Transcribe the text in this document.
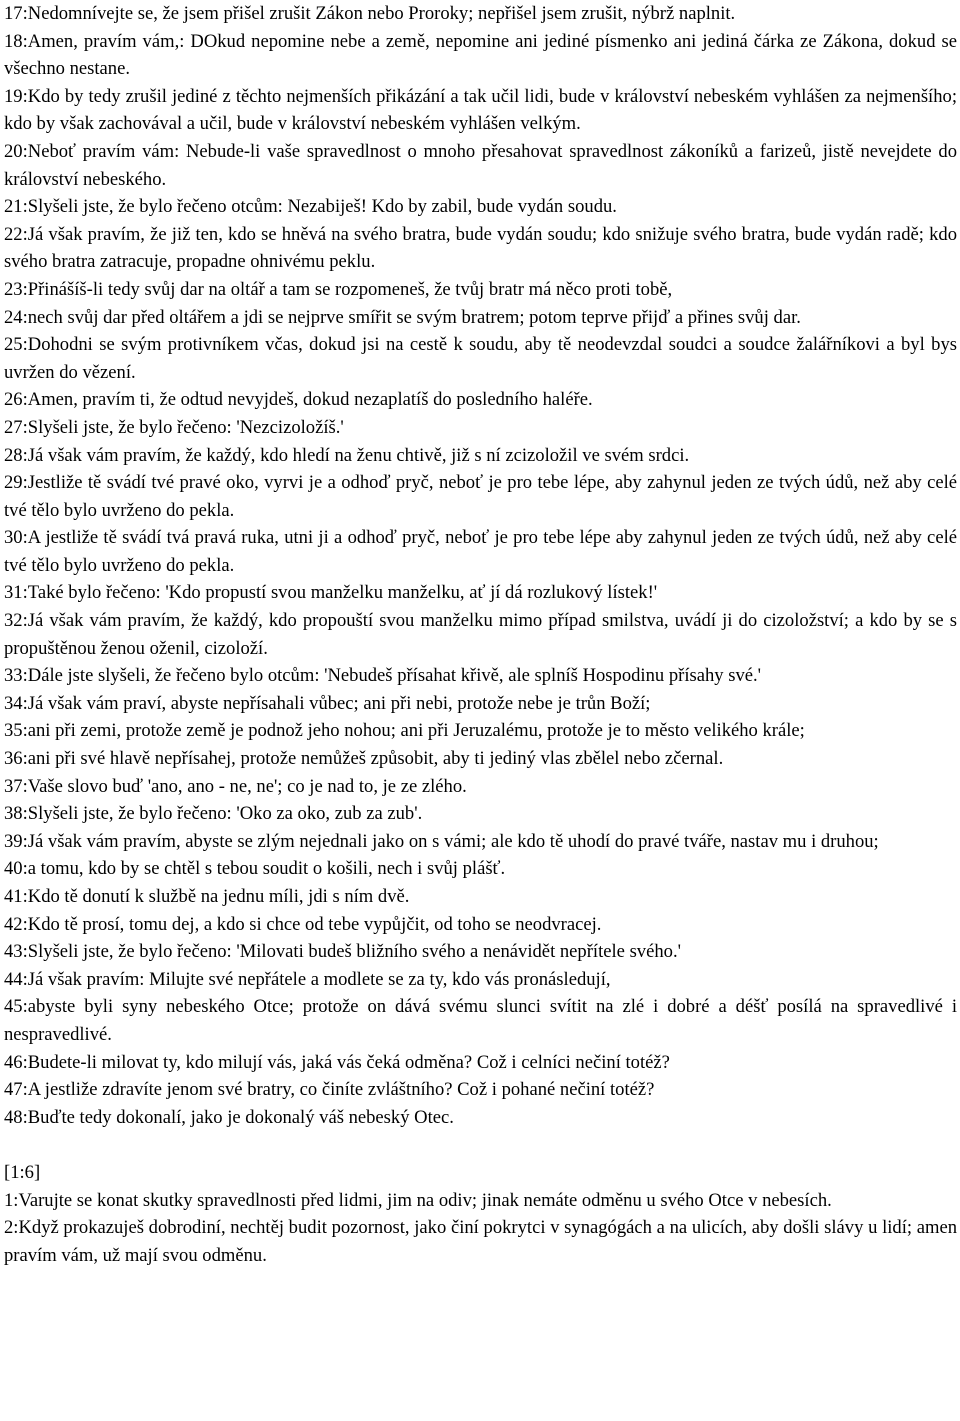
17:Nedomnívejte se, že jsem přišel zrušit Zákon nebo Proroky; nepřišel jsem zrušit, nýbrž naplnit.

18:Amen, pravím vám,: DOkud nepomine nebe a země, nepomine ani jediné písmenko ani jediná čárka ze Zákona, dokud se všechno nestane.

19:Kdo by tedy zrušil jediné z těchto nejmenších přikázání a tak učil lidi, bude v království nebeském vyhlášen za nejmenšího; kdo by však zachovával a učil, bude v království nebeském vyhlášen velkým.

20:Neboť pravím vám: Nebude-li vaše spravedlnost o mnoho přesahovat spravedlnost zákoníků a farizeů, jistě nevejdete do království nebeského.

21:Slyšeli jste, že bylo řečeno otcům: Nezabiješ! Kdo by zabil, bude vydán soudu.

22:Já však pravím, že již ten, kdo se hněvá na svého bratra, bude vydán soudu; kdo snižuje svého bratra, bude vydán radě; kdo svého bratra zatracuje, propadne ohnivému peklu.

23:Přinášíš-li tedy svůj dar na oltář a tam se rozpomeneš, že tvůj bratr má něco proti tobě,

24:nech svůj dar před oltářem a jdi se nejprve smířit se svým bratrem; potom teprve přijď a přines svůj dar.

25:Dohodni se svým protivníkem včas, dokud jsi na cestě k soudu, aby tě neodevzdal soudci a soudce žalářníkovi a byl bys uvržen do vězení.

26:Amen, pravím ti, že odtud nevyjdeš, dokud nezaplatíš do posledního haléře.

27:Slyšeli jste, že bylo řečeno: 'Nezcizoložíš.'

28:Já však vám pravím, že každý, kdo hledí na ženu chtivě, již s ní zcizoložil ve svém srdci.

29:Jestliže tě svádí tvé pravé oko, vyrvi je a odhoď pryč, neboť je pro tebe lépe, aby zahynul jeden ze tvých údů, než aby celé tvé tělo bylo uvrženo do pekla.

30:A jestliže tě svádí tvá pravá ruka, utni ji a odhoď pryč, neboť je pro tebe lépe aby zahynul jeden ze tvých údů, než aby celé tvé tělo bylo uvrženo do pekla.

31:Také bylo řečeno: 'Kdo propustí svou manželku manželku, ať jí dá rozlukový lístek!'

32:Já však vám pravím, že každý, kdo propouští svou manželku mimo případ smilstva, uvádí ji do cizoložství; a kdo by se s propuštěnou ženou oženil, cizoloží.

33:Dále jste slyšeli, že řečeno bylo otcům: 'Nebudeš přísahat křivě, ale splníš Hospodinu přísahy své.'

34:Já však vám praví, abyste nepřísahali vůbec; ani při nebi, protože nebe je trůn Boží;

35:ani při zemi, protože země je podnož jeho nohou; ani při Jeruzalému, protože je to město velikého krále;

36:ani při své hlavě nepřísahej, protože nemůžeš způsobit, aby ti jediný vlas zbělel nebo zčernal.

37:Vaše slovo buď 'ano, ano - ne, ne'; co je nad to, je ze zlého.

38:Slyšeli jste, že bylo řečeno: 'Oko za oko, zub za zub'.

39:Já však vám pravím, abyste se zlým nejednali jako on s vámi; ale kdo tě uhodí do pravé tváře, nastav mu i druhou;

40:a tomu, kdo by se chtěl s tebou soudit o košili, nech i svůj plášť.

41:Kdo tě donutí k službě na jednu míli, jdi s ním dvě.

42:Kdo tě prosí, tomu dej, a kdo si chce od tebe vypůjčit, od toho se neodvracej.

43:Slyšeli jste, že bylo řečeno: 'Milovati budeš bližního svého a nenávidět nepřítele svého.'

44:Já však pravím: Milujte své nepřátele a modlete se za ty, kdo vás pronásledují,

45:abyste byli syny nebeského Otce; protože on dává svému slunci svítit na zlé i dobré a déšť posílá na spravedlivé i nespravedlivé.

46:Budete-li milovat ty, kdo milují vás, jaká vás čeká odměna? Což i celníci nečiní totéž?

47:A jestliže zdravíte jenom své bratry, co činíte zvláštního? Což i pohané nečiní totéž?

48:Buďte tedy dokonalí, jako je dokonalý váš nebeský Otec.

[1:6]

1:Varujte se konat skutky spravedlnosti před lidmi, jim na odiv; jinak nemáte odměnu u svého Otce v nebesích.

2:Když prokazuješ dobrodiní, nechtěj budit pozornost, jako činí pokrytci v synagógách a na ulicích, aby došli slávy u lidí; amen pravím vám, už mají svou odměnu.
